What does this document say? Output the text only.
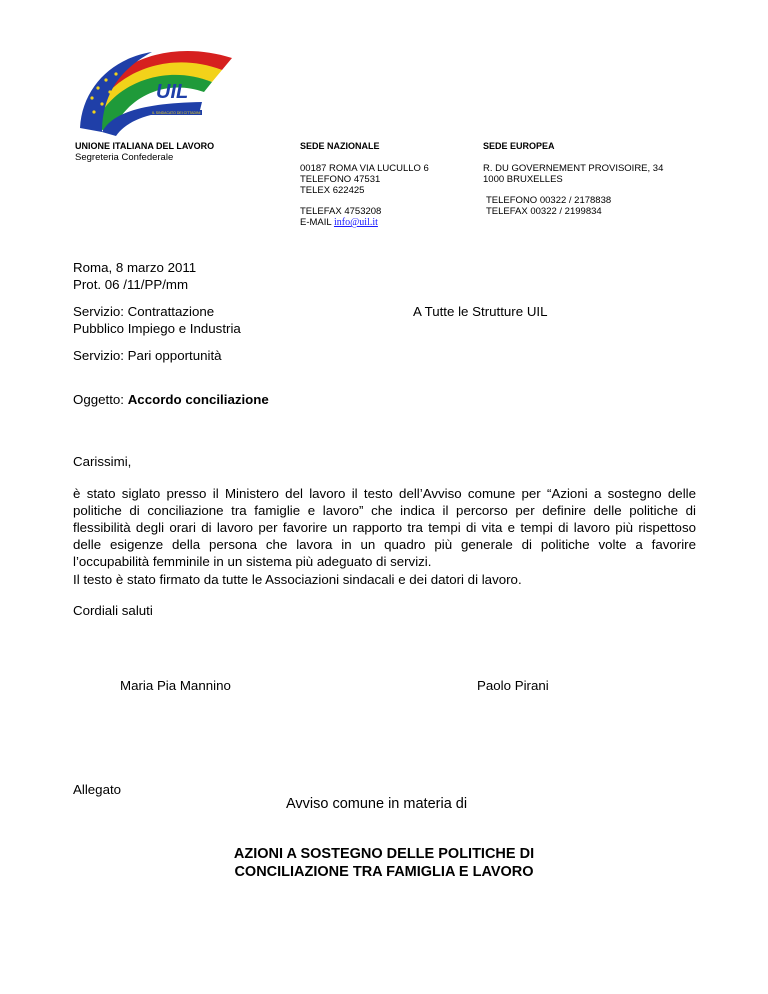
UIL
IL SINDACATO DEI CITTADINI
UNIONE ITALIANA DEL LAVORO
Segreteria Confederale
SEDE NAZIONALE
00187 ROMA VIA LUCULLO 6
TELEFONO 47531
TELEX 622425
TELEFAX 4753208
E-MAIL info@uil.it
SEDE EUROPEA
R. DU GOVERNEMENT PROVISOIRE, 34
1000 BRUXELLES
TELEFONO 00322 / 2178838
TELEFAX 00322 / 2199834
Roma, 8 marzo 2011
Prot. 06 /11/PP/mm
Servizio: Contrattazione
Pubblico Impiego e Industria
A Tutte le Strutture UIL
Servizio: Pari opportunità
Oggetto: Accordo conciliazione
Carissimi,
è stato siglato presso il Ministero del lavoro il testo dell’Avviso comune per “Azioni a sostegno delle politiche di conciliazione tra famiglie e lavoro” che indica il percorso per definire delle politiche di flessibilità degli orari di lavoro per favorire un rapporto tra tempi di vita e tempi di lavoro più rispettoso delle esigenze della persona che lavora in un quadro più generale di politiche volte a favorire l’occupabilità femminile in un sistema più adeguato di servizi.
Il testo è stato firmato da tutte le Associazioni sindacali e dei datori di lavoro.
Cordiali saluti
Maria Pia Mannino	Paolo Pirani
Allegato
Avviso comune in materia di
AZIONI A SOSTEGNO DELLE POLITICHE DI
CONCILIAZIONE TRA FAMIGLIA E LAVORO
